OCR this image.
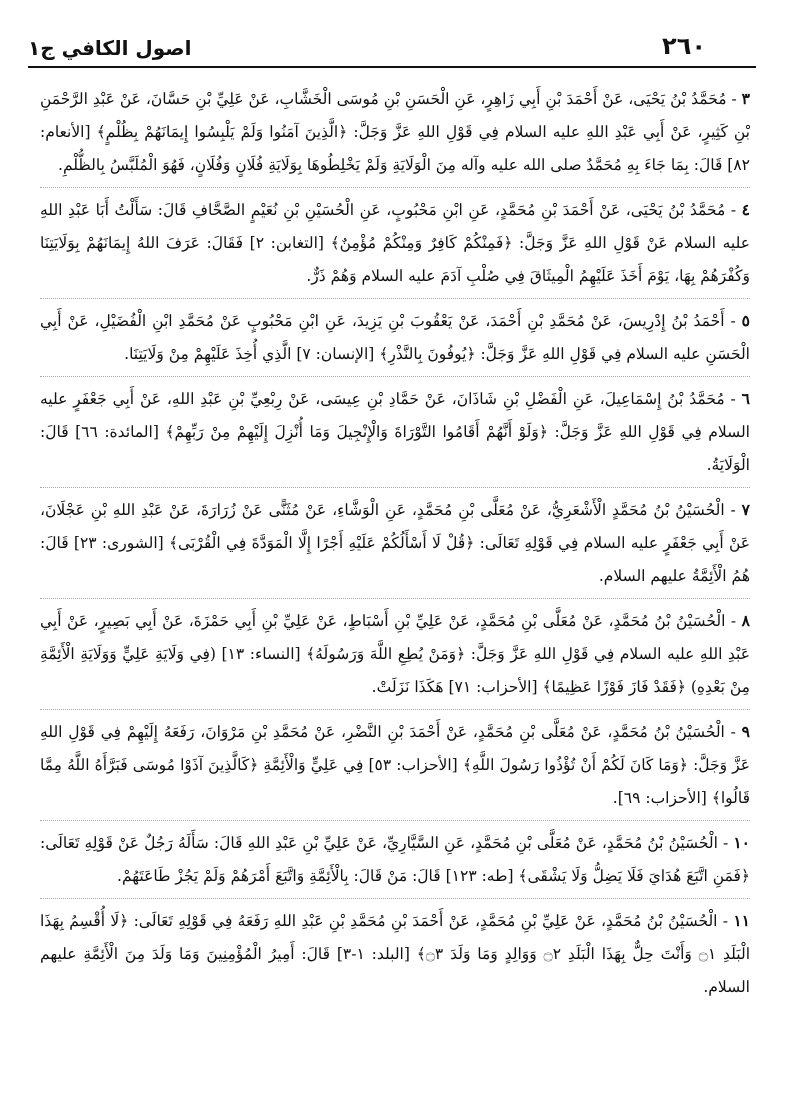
٢٦٠
اصول الكافي ج١

٣ - مُحَمَّدُ بْنُ يَحْيَى، عَنْ أَحْمَدَ بْنِ أَبِي زَاهِرٍ، عَنِ الْحَسَنِ بْنِ مُوسَى الْخَشَّابِ، عَنْ عَلِيِّ بْنِ حَسَّانَ، عَنْ عَبْدِ الرَّحْمَنِ بْنِ كَثِيرٍ، عَنْ أَبِي عَبْدِ اللهِ عليه السلام فِي قَوْلِ اللهِ عَزَّ وَجَلَّ: ﴿الَّذِينَ آمَنُوا وَلَمْ يَلْبِسُوا إِيمَانَهُمْ بِظُلْمٍ﴾ [الأنعام: ٨٢] قَالَ: بِمَا جَاءَ بِهِ مُحَمَّدٌ صلى الله عليه وآله مِنَ الْوَلَايَةِ وَلَمْ يَخْلِطُوهَا بِوَلَايَةِ فُلَانٍ وَفُلَانٍ، فَهُوَ الْمُلَبَّسُ بِالظُّلْمِ.

٤ - مُحَمَّدُ بْنُ يَحْيَى، عَنْ أَحْمَدَ بْنِ مُحَمَّدٍ، عَنِ ابْنِ مَحْبُوبٍ، عَنِ الْحُسَيْنِ بْنِ نُعَيْمٍ الصَّحَّافِ قَالَ: سَأَلْتُ أَبَا عَبْدِ اللهِ عليه السلام عَنْ قَوْلِ اللهِ عَزَّ وَجَلَّ: ﴿فَمِنْكُمْ كَافِرٌ وَمِنْكُمْ مُؤْمِنٌ﴾ [التغابن: ٢] فَقَالَ: عَرَفَ اللهُ إِيمَانَهُمْ بِوَلَايَتِنَا وَكُفْرَهُمْ بِهَا، يَوْمَ أَخَذَ عَلَيْهِمُ الْمِيثَاقَ فِي صُلْبِ آدَمَ عليه السلام وَهُمْ ذَرٌّ.

٥ - أَحْمَدُ بْنُ إِدْرِيسَ، عَنْ مُحَمَّدِ بْنِ أَحْمَدَ، عَنْ يَعْقُوبَ بْنِ يَزِيدَ، عَنِ ابْنِ مَحْبُوبٍ عَنْ مُحَمَّدِ ابْنِ الْفُضَيْلِ، عَنْ أَبِي الْحَسَنِ عليه السلام فِي قَوْلِ اللهِ عَزَّ وَجَلَّ: ﴿يُوفُونَ بِالنَّذْرِ﴾ [الإنسان: ٧] الَّذِي أُخِذَ عَلَيْهِمْ مِنْ وَلَايَتِنَا.

٦ - مُحَمَّدُ بْنُ إِسْمَاعِيلَ، عَنِ الْفَضْلِ بْنِ شَاذَانَ، عَنْ حَمَّادِ بْنِ عِيسَى، عَنْ رِبْعِيِّ بْنِ عَبْدِ اللهِ، عَنْ أَبِي جَعْفَرٍ عليه السلام فِي قَوْلِ اللهِ عَزَّ وَجَلَّ: ﴿وَلَوْ أَنَّهُمْ أَقَامُوا التَّوْرَاةَ وَالْإِنْجِيلَ وَمَا أُنْزِلَ إِلَيْهِمْ مِنْ رَبِّهِمْ﴾ [المائدة: ٦٦] قَالَ: الْوَلَايَةُ.

٧ - الْحُسَيْنُ بْنُ مُحَمَّدٍ الْأَشْعَرِيُّ، عَنْ مُعَلَّى بْنِ مُحَمَّدٍ، عَنِ الْوَشَّاءِ، عَنْ مُثَنًّى عَنْ زُرَارَةَ، عَنْ عَبْدِ اللهِ بْنِ عَجْلَانَ، عَنْ أَبِي جَعْفَرٍ عليه السلام فِي قَوْلِهِ تَعَالَى: ﴿قُلْ لَا أَسْأَلُكُمْ عَلَيْهِ أَجْرًا إِلَّا الْمَوَدَّةَ فِي الْقُرْبَى﴾ [الشورى: ٢٣] قَالَ: هُمُ الْأَئِمَّةُ عليهم السلام.

٨ - الْحُسَيْنُ بْنُ مُحَمَّدٍ، عَنْ مُعَلَّى بْنِ مُحَمَّدٍ، عَنْ عَلِيِّ بْنِ أَسْبَاطٍ، عَنْ عَلِيِّ بْنِ أَبِي حَمْزَةَ، عَنْ أَبِي بَصِيرٍ، عَنْ أَبِي عَبْدِ اللهِ عليه السلام فِي قَوْلِ اللهِ عَزَّ وَجَلَّ: ﴿وَمَنْ يُطِعِ اللَّهَ وَرَسُولَهُ﴾ [النساء: ١٣] (فِي وَلَايَةِ عَلِيٍّ وَوَلَايَةِ الْأَئِمَّةِ مِنْ بَعْدِهِ) ﴿فَقَدْ فَازَ فَوْزًا عَظِيمًا﴾ [الأحزاب: ٧١] هَكَذَا نَزَلَتْ.

٩ - الْحُسَيْنُ بْنُ مُحَمَّدٍ، عَنْ مُعَلَّى بْنِ مُحَمَّدٍ، عَنْ أَحْمَدَ بْنِ النَّضْرِ، عَنْ مُحَمَّدِ بْنِ مَرْوَانَ، رَفَعَهُ إِلَيْهِمْ فِي قَوْلِ اللهِ عَزَّ وَجَلَّ: ﴿وَمَا كَانَ لَكُمْ أَنْ تُؤْذُوا رَسُولَ اللَّهِ﴾ [الأحزاب: ٥٣] فِي عَلِيٍّ وَالْأَئِمَّةِ ﴿كَالَّذِينَ آذَوْا مُوسَى فَبَرَّأَهُ اللَّهُ مِمَّا قَالُوا﴾ [الأحزاب: ٦٩].

١٠ - الْحُسَيْنُ بْنُ مُحَمَّدٍ، عَنْ مُعَلَّى بْنِ مُحَمَّدٍ، عَنِ السَّيَّارِيِّ، عَنْ عَلِيِّ بْنِ عَبْدِ اللهِ قَالَ: سَأَلَهُ رَجُلٌ عَنْ قَوْلِهِ تَعَالَى: ﴿فَمَنِ اتَّبَعَ هُدَايَ فَلَا يَضِلُّ وَلَا يَشْقَى﴾ [طه: ١٢٣] قَالَ: مَنْ قَالَ: بِالْأَئِمَّةِ وَاتَّبَعَ أَمْرَهُمْ وَلَمْ يَجُزْ طَاعَتَهُمْ.

١١ - الْحُسَيْنُ بْنُ مُحَمَّدٍ، عَنْ عَلِيِّ بْنِ مُحَمَّدٍ، عَنْ أَحْمَدَ بْنِ مُحَمَّدِ بْنِ عَبْدِ اللهِ رَفَعَهُ فِي قَوْلِهِ تَعَالَى: ﴿لَا أُقْسِمُ بِهَذَا الْبَلَدِ ۝١ وَأَنْتَ حِلٌّ بِهَذَا الْبَلَدِ ۝٢ وَوَالِدٍ وَمَا وَلَدَ ۝٣﴾ [البلد: ١-٣] قَالَ: أَمِيرُ الْمُؤْمِنِينَ وَمَا وَلَدَ مِنَ الْأَئِمَّةِ عليهم السلام.
